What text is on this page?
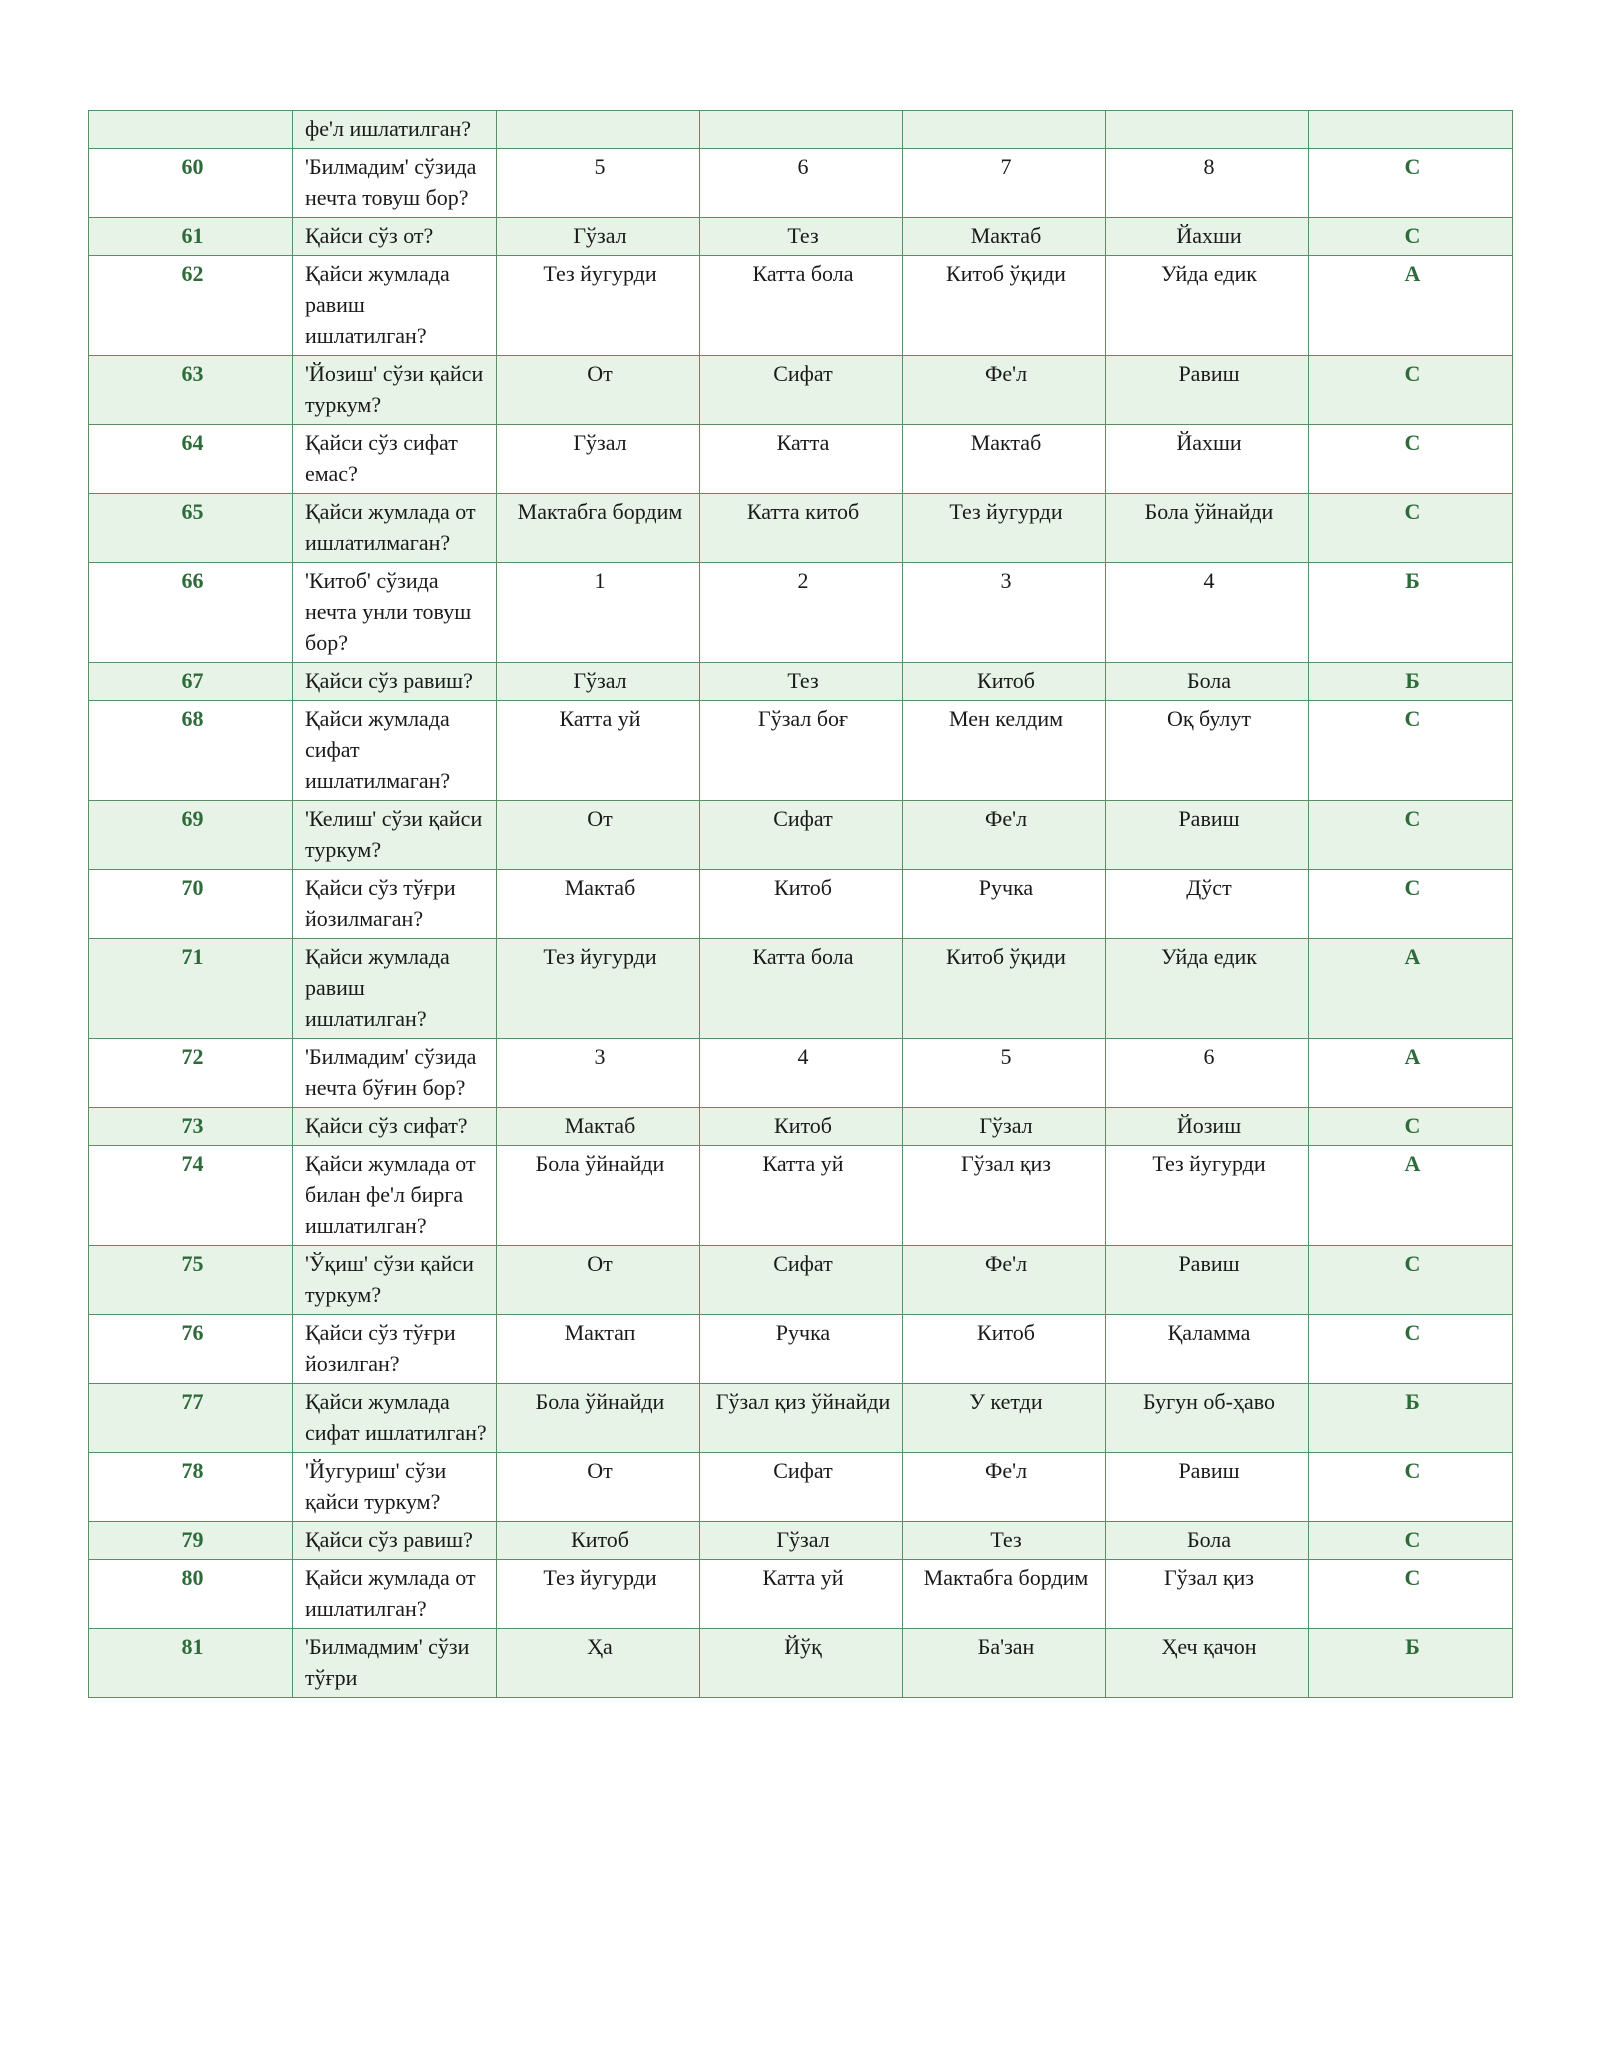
	фе'л ишлатилган?					
60	'Билмадим' сўзида нечта товуш бор?	5	6	7	8	С
61	Қайси сўз от?	Гўзал	Тез	Мактаб	Йахши	С
62	Қайси жумлада равиш ишлатилган?	Тез йугурди	Катта бола	Китоб ўқиди	Уйда едик	А
63	'Йозиш' сўзи қайси туркум?	От	Сифат	Фе'л	Равиш	С
64	Қайси сўз сифат емас?	Гўзал	Катта	Мактаб	Йахши	С
65	Қайси жумлада от ишлатилмаган?	Мактабга бордим	Катта китоб	Тез йугурди	Бола ўйнайди	С
66	'Китоб' сўзида нечта унли товуш бор?	1	2	3	4	Б
67	Қайси сўз равиш?	Гўзал	Тез	Китоб	Бола	Б
68	Қайси жумлада сифат ишлатилмаган?	Катта уй	Гўзал боғ	Мен келдим	Оқ булут	С
69	'Келиш' сўзи қайси туркум?	От	Сифат	Фе'л	Равиш	С
70	Қайси сўз тўғри йозилмаган?	Мактаб	Китоб	Ручка	Дўст	С
71	Қайси жумлада равиш ишлатилган?	Тез йугурди	Катта бола	Китоб ўқиди	Уйда едик	А
72	'Билмадим' сўзида нечта бўғин бор?	3	4	5	6	А
73	Қайси сўз сифат?	Мактаб	Китоб	Гўзал	Йозиш	С
74	Қайси жумлада от билан фе'л бирга ишлатилган?	Бола ўйнайди	Катта уй	Гўзал қиз	Тез йугурди	А
75	'Ўқиш' сўзи қайси туркум?	От	Сифат	Фе'л	Равиш	С
76	Қайси сўз тўғри йозилган?	Мактап	Ручка	Китоб	Қаламма	С
77	Қайси жумлада сифат ишлатилган?	Бола ўйнайди	Гўзал қиз ўйнайди	У кетди	Бугун об-ҳаво	Б
78	'Йугуриш' сўзи қайси туркум?	От	Сифат	Фе'л	Равиш	С
79	Қайси сўз равиш?	Китоб	Гўзал	Тез	Бола	С
80	Қайси жумлада от ишлатилган?	Тез йугурди	Катта уй	Мактабга бордим	Гўзал қиз	С
81	'Билмадмим' сўзи тўғри	Ҳа	Йўқ	Ба'зан	Ҳеч қачон	Б
